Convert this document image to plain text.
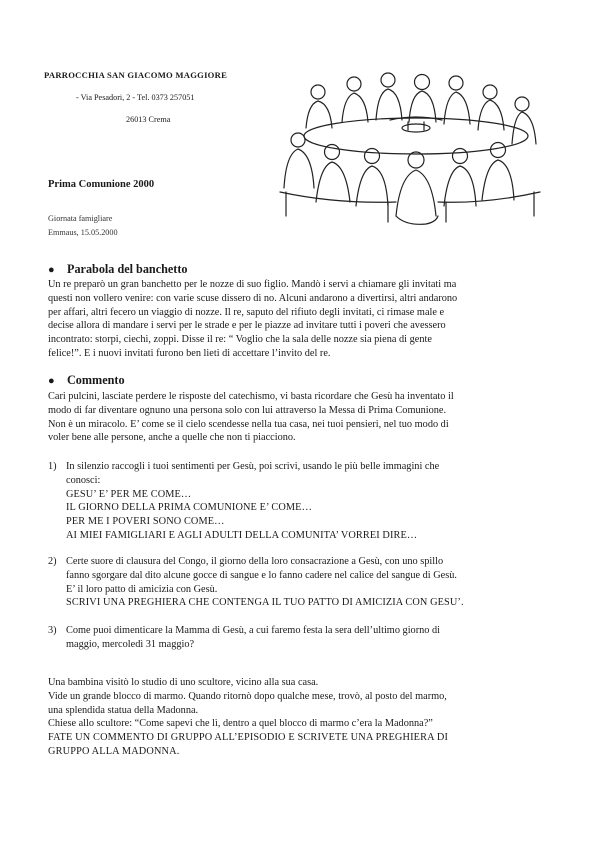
PARROCCHIA SAN GIACOMO MAGGIORE
- Via Pesadori, 2 - Tel. 0373 257051
26013 Crema
Prima Comunione 2000
Giornata famigliare
Emmaus, 15.05.2000
● Parabola del banchetto
Un re preparò un gran banchetto per le nozze di suo figlio. Mandò i servi a chiamare gli invitati ma
questi non vollero venire: con varie scuse dissero di no. Alcuni andarono a divertirsi, altri andarono
per affari, altri fecero un viaggio di nozze. Il re, saputo del rifiuto degli invitati, ci rimase male e
decise allora di mandare i servi per le strade e per le piazze ad invitare tutti i poveri che avessero
incontrato: storpi, ciechi, zoppi. Disse il re: “ Voglio che la sala delle nozze sia piena di gente
felice!”. E i nuovi invitati furono ben lieti di accettare l’invito del re.
● Commento
Cari pulcini, lasciate perdere le risposte del catechismo, vi basta ricordare che Gesù ha inventato il
modo di far diventare ognuno una persona solo con lui attraverso la Messa di Prima Comunione.
Non è un miracolo. E’ come se il cielo scendesse nella tua casa, nei tuoi pensieri, nel tuo modo di
voler bene alle persone, anche a quelle che non ti piacciono.
1) In silenzio raccogli i tuoi sentimenti per Gesù, poi scrivi, usando le più belle immagini che
conosci:
GESU’ E’ PER ME COME…
IL GIORNO DELLA PRIMA COMUNIONE E’ COME…
PER ME I POVERI SONO COME…
AI MIEI FAMIGLIARI E AGLI ADULTI DELLA COMUNITA’ VORREI DIRE…
2) Certe suore di clausura del Congo, il giorno della loro consacrazione a Gesù, con uno spillo
fanno sgorgare dal dito alcune gocce di sangue e lo fanno cadere nel calice del sangue di Gesù.
E’ il loro patto di amicizia con Gesù.
SCRIVI UNA PREGHIERA CHE CONTENGA IL TUO PATTO DI AMICIZIA CON GESU’.
3) Come puoi dimenticare la Mamma di Gesù, a cui faremo festa la sera dell’ultimo giorno di
maggio, mercoledì 31 maggio?
Una bambina visitò lo studio di uno scultore, vicino alla sua casa.
Vide un grande blocco di marmo. Quando ritornò dopo qualche mese, trovò, al posto del marmo,
una splendida statua della Madonna.
Chiese allo scultore: “Come sapevi che lì, dentro a quel blocco di marmo c’era la Madonna?”
FATE UN COMMENTO DI GRUPPO ALL’EPISODIO E SCRIVETE UNA PREGHIERA DI
GRUPPO ALLA MADONNA.
